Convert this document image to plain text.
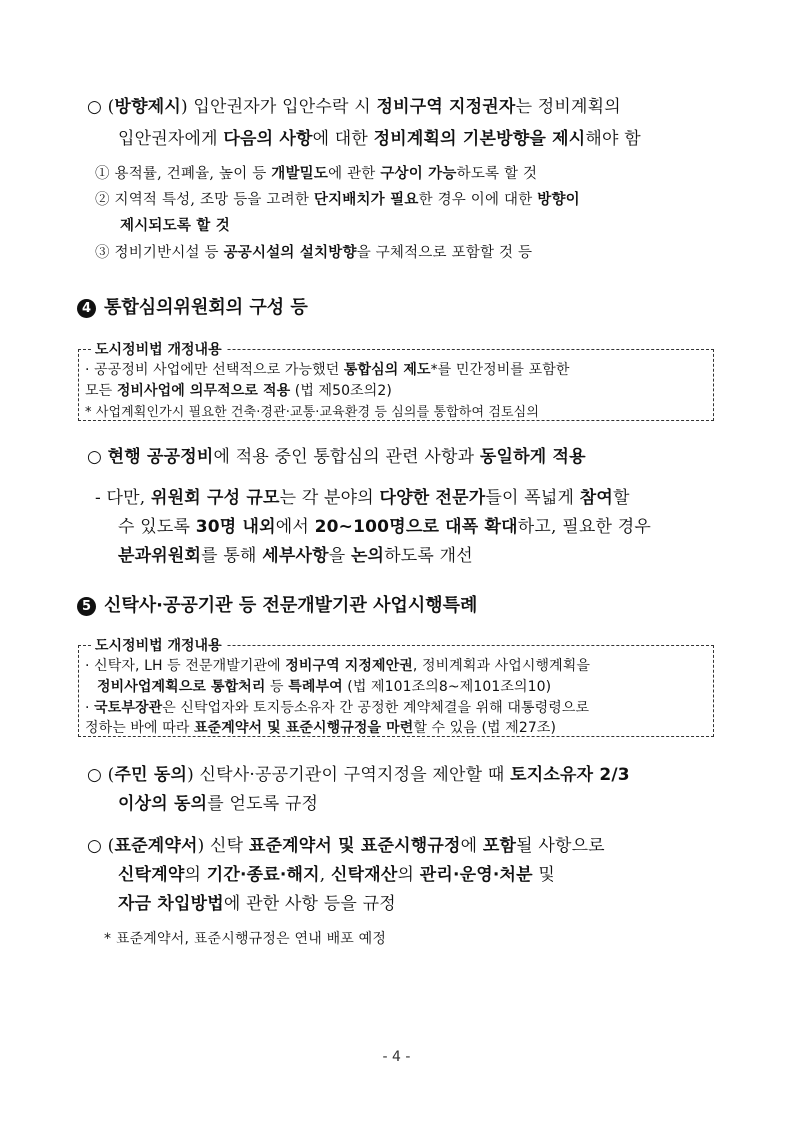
○ (방향제시) 입안권자가 입안수락 시 정비구역 지정권자는 정비계획의
입안권자에게 다음의 사항에 대한 정비계획의 기본방향을 제시해야 함
① 용적률, 건폐율, 높이 등 개발밀도에 관한 구상이 가능하도록 할 것
② 지역적 특성, 조망 등을 고려한 단지배치가 필요한 경우 이에 대한 방향이
제시되도록 할 것
③ 정비기반시설 등 공공시설의 설치방향을 구체적으로 포함할 것 등
4 통합심의위원회의 구성 등
도시정비법 개정내용
· 공공정비 사업에만 선택적으로 가능했던 통합심의 제도*를 민간정비를 포함한
모든 정비사업에 의무적으로 적용 (법 제50조의2)
* 사업계획인가시 필요한 건축·경관·교통·교육환경 등 심의를 통합하여 검토심의
○ 현행 공공정비에 적용 중인 통합심의 관련 사항과 동일하게 적용
- 다만, 위원회 구성 규모는 각 분야의 다양한 전문가들이 폭넓게 참여할
수 있도록 30명 내외에서 20~100명으로 대폭 확대하고, 필요한 경우
분과위원회를 통해 세부사항을 논의하도록 개선
5 신탁사·공공기관 등 전문개발기관 사업시행특례
도시정비법 개정내용
· 신탁자, LH 등 전문개발기관에 정비구역 지정제안권, 정비계획과 사업시행계획을
정비사업계획으로 통합처리 등 특례부여 (법 제101조의8~제101조의10)
· 국토부장관은 신탁업자와 토지등소유자 간 공정한 계약체결을 위해 대통령령으로
정하는 바에 따라 표준계약서 및 표준시행규정을 마련할 수 있음 (법 제27조)
○ (주민 동의) 신탁사·공공기관이 구역지정을 제안할 때 토지소유자 2/3
이상의 동의를 얻도록 규정
○ (표준계약서) 신탁 표준계약서 및 표준시행규정에 포함될 사항으로
신탁계약의 기간·종료·해지, 신탁재산의 관리·운영·처분 및
자금 차입방법에 관한 사항 등을 규정
* 표준계약서, 표준시행규정은 연내 배포 예정
- 4 -
